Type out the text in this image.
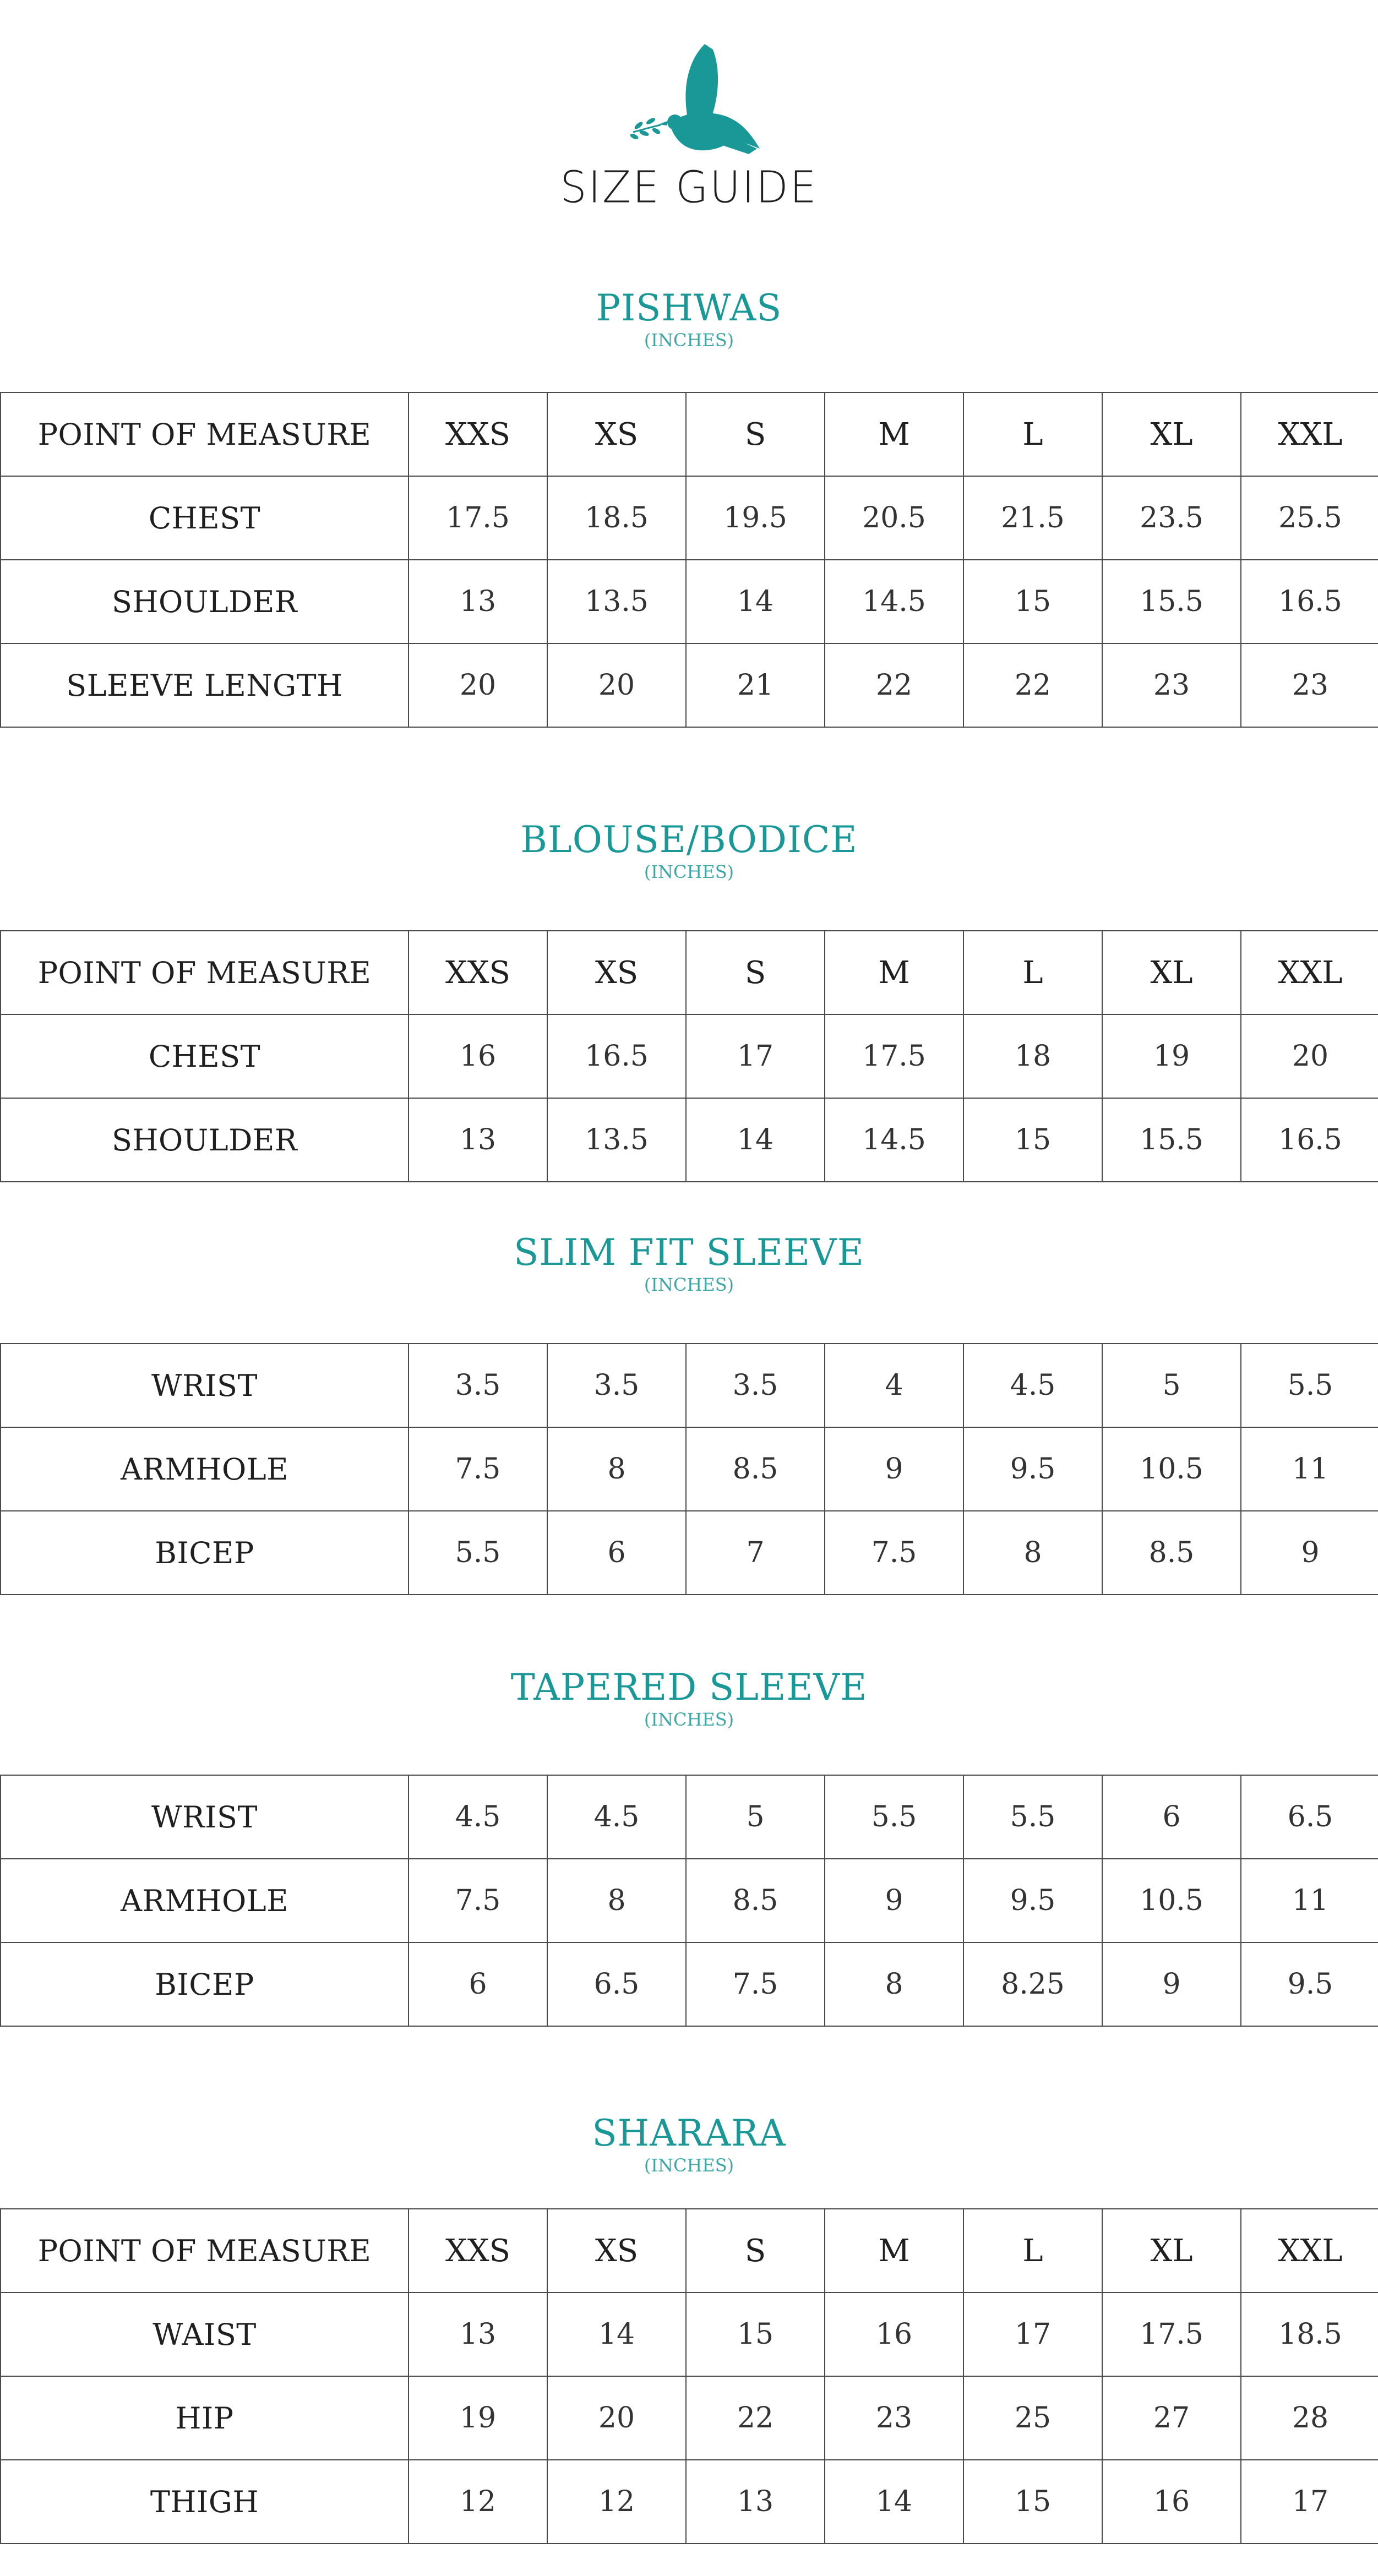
SIZE GUIDE
PISHWAS
(INCHES)
POINT OF MEASURE	XXS	XS	S	M	L	XL	XXL
CHEST	17.5	18.5	19.5	20.5	21.5	23.5	25.5
SHOULDER	13	13.5	14	14.5	15	15.5	16.5
SLEEVE LENGTH	20	20	21	22	22	23	23
BLOUSE/BODICE
(INCHES)
POINT OF MEASURE	XXS	XS	S	M	L	XL	XXL
CHEST	16	16.5	17	17.5	18	19	20
SHOULDER	13	13.5	14	14.5	15	15.5	16.5
SLIM FIT SLEEVE
(INCHES)
WRIST	3.5	3.5	3.5	4	4.5	5	5.5
ARMHOLE	7.5	8	8.5	9	9.5	10.5	11
BICEP	5.5	6	7	7.5	8	8.5	9
TAPERED SLEEVE
(INCHES)
WRIST	4.5	4.5	5	5.5	5.5	6	6.5
ARMHOLE	7.5	8	8.5	9	9.5	10.5	11
BICEP	6	6.5	7.5	8	8.25	9	9.5
SHARARA
(INCHES)
POINT OF MEASURE	XXS	XS	S	M	L	XL	XXL
WAIST	13	14	15	16	17	17.5	18.5
HIP	19	20	22	23	25	27	28
THIGH	12	12	13	14	15	16	17
